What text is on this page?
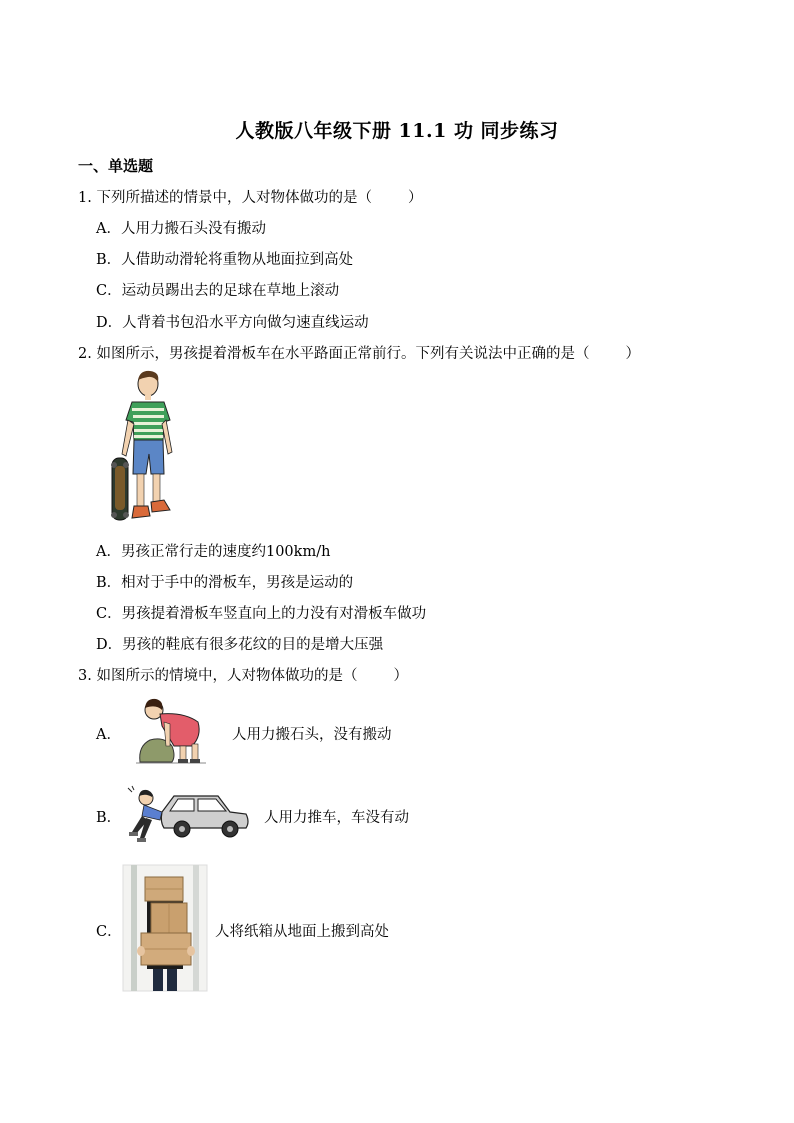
人教版八年级下册 11.1 功 同步练习
一、单选题
1. 下列所描述的情景中，人对物体做功的是（ ）
A．人用力搬石头没有搬动
B．人借助动滑轮将重物从地面拉到高处
C．运动员踢出去的足球在草地上滚动
D．人背着书包沿水平方向做匀速直线运动
2. 如图所示，男孩提着滑板车在水平路面正常前行。下列有关说法中正确的是（ ）
A．男孩正常行走的速度约100km/h
B．相对于手中的滑板车，男孩是运动的
C．男孩提着滑板车竖直向上的力没有对滑板车做功
D．男孩的鞋底有很多花纹的目的是增大压强
3. 如图所示的情境中，人对物体做功的是（ ）
A．	人用力搬石头，没有搬动
B．	人用力推车，车没有动
C．	人将纸箱从地面上搬到高处
